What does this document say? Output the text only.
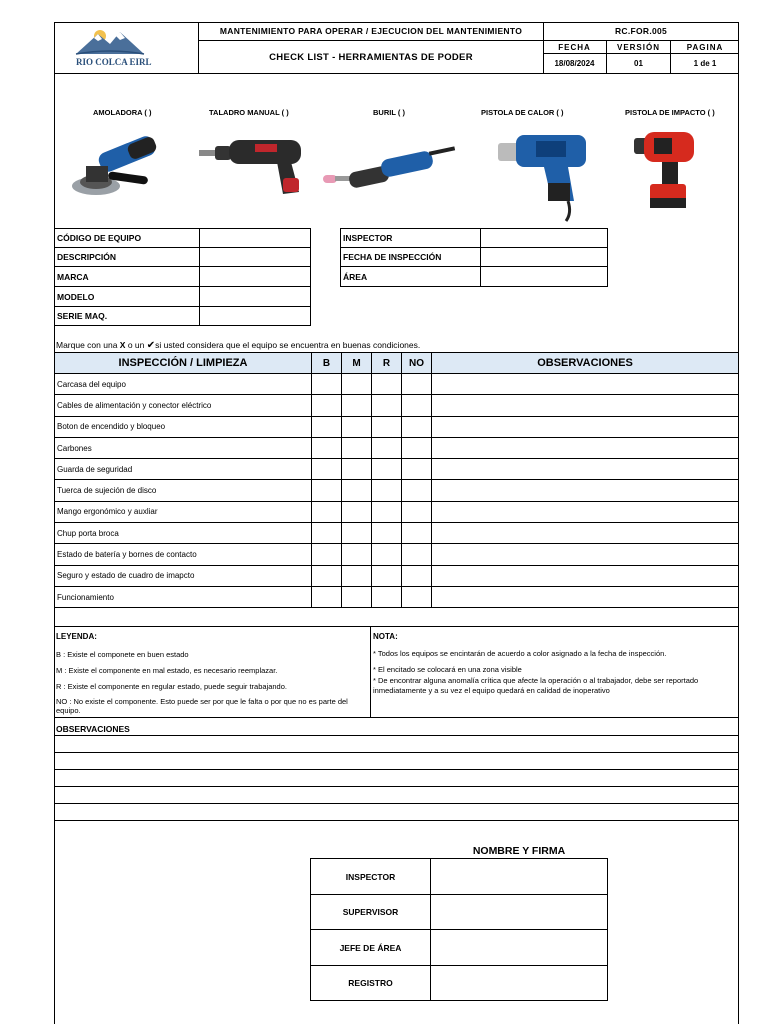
RIO COLCA EIRL
MANTENIMIENTO PARA OPERAR / EJECUCION DEL MANTENIMIENTO
CHECK LIST - HERRAMIENTAS DE PODER
RC.FOR.005
FECHA	VERSIÓN	PAGINA
18/08/2024	01	1 de 1
AMOLADORA ( )	TALADRO MANUAL ( )	BURIL ( )	PISTOLA DE CALOR ( )	PISTOLA DE IMPACTO ( )
CÓDIGO DE EQUIPO	
DESCRIPCIÓN	
MARCA	
MODELO	
SERIE MAQ.	
INSPECTOR	
FECHA DE INSPECCIÓN	
ÁREA	
Marque con una X o un ✔si usted considera que el equipo se encuentra en buenas condiciones.
INSPECCIÓN / LIMPIEZA	B	M	R	NO	OBSERVACIONES
Carcasa del equipo					
Cables de alimentación y conector eléctrico					
Boton de encendido y bloqueo					
Carbones					
Guarda de seguridad					
Tuerca de sujeción de disco					
Mango ergonómico y auxliar					
Chup porta broca					
Estado de batería y bornes de contacto					
Seguro y estado de cuadro de imapcto					
Funcionamiento					
LEYENDA:
B : Existe el componete en buen estado
M : Existe el componente en mal estado, es necesario reemplazar.
R : Existe el componente en regular estado, puede seguir trabajando.
NO : No existe el componente. Esto puede ser por que le falta o por que no es parte del equipo.
NOTA:
* Todos los equipos se encintarán de acuerdo a color asignado a la fecha de inspección.
* El encitado se colocará en una zona visible
* De encontrar alguna anomalía crítica que afecte la operación o al trabajador, debe ser reportado inmediatamente y a su vez el equipo quedará en calidad de inoperativo
OBSERVACIONES
NOMBRE Y FIRMA
INSPECTOR	
SUPERVISOR	
JEFE DE ÁREA	
REGISTRO	
